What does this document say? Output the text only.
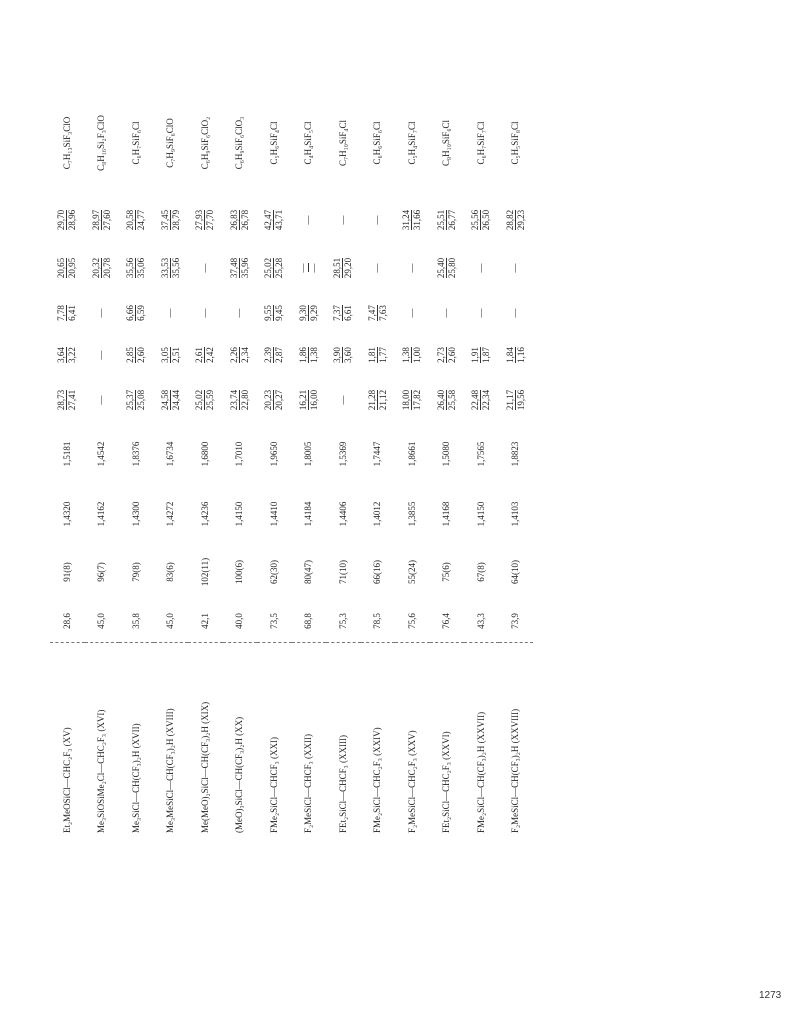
Et₂MeOSiCl—CHC₂F₃ (XV)	28,6	91(8)	1,4320	1,5181	28,73 27,41	3,64 3,22	7,78 6,41	20,65 20,95	29,70 28,96	C₇H₁₃SiF₃ClO
Me₃SiOSiMe₂Cl—CHC₂F₃ (XVI)	45,0	96(7)	1,4162	1,4542	—	—	—	20,32 20,78	28,97 27,60	C₈H₁₆Si₂F₃ClO
Me₃SiCl—CH(CF₃)₂H (XVII)	35,8	79(8)	1,4300	1,8376	25,37 25,08	2,85 2,60	6,66 6,59	35,56 35,06	20,58 24,77	C₆H₇SiF₆Cl
Me₃MeSiCl—CH(CF₃)₂H (XVIII)	45,0	83(6)	1,4272	1,6734	24,58 24,44	3,05 2,51	—	33,53 35,56	37,45 28,79	C₇H₉SiF₆ClO
Me(MeO)₂SiCl—CH(CF₃)₂H (XIX)	42,1	102(11)	1,4236	1,6800	25,02 25,59	2,61 2,42	—	—	27,93 27,70	C₆H₉SiF₆ClO₂
(MeO)₃SiCl—CH(CF₃)₂H (XX)	40,0	100(6)	1,4150	1,7010	23,74 22,80	2,26 2,34	—	37,48 35,96	26,83 26,78	C₆H₉SiF₆ClO₃
FMe₂SiCl—CHCF₃ (XXI)	73,5	62(30)	1,4410	1,9650	20,23 20,27	2,39 2,87	9,55 9,45	25,02 25,28	42,47 43,71	C₅H₆SiF₄Cl
F₂MeSiCl—CHCF₃ (XXII)	68,8	80(47)	1,4184	1,8005	16,21 16,00	1,86 1,38	9,30 9,29	— —	—	C₄H₄SiF₅Cl
FEt₂SiCl—CHCF₃ (XXIII)	75,3	71(10)	1,4406	1,5369	—	3,90 3,60	7,37 6,61	28,51 29,20	—	C₇H₁₀SiF₄Cl
FMe₂SiCl—CHC₂F₃ (XXIV)	78,5	66(16)	1,4012	1,7447	21,28 21,12	1,81 1,77	7,47 7,63	—	—	C₆H₆SiF₆Cl
F₂MeSiCl—CHC₂F₃ (XXV)	75,6	55(24)	1,3855	1,8661	18,00 17,82	1,38 1,00	—	—	31,24 31,66	C₅H₄SiF₇Cl
FEt₂SiCl—CHC₂F₃ (XXVI)	76,4	75(6)	1,4168	1,5080	26,40 25,58	2,73 2,60	—	25,40 25,80	25,51 26,77	C₈H₁₀SiF₆Cl
FMe₂SiCl—CH(CF₃)₂H (XXVII)	43,3	67(8)	1,4150	1,7565	22,48 22,34	1,91 1,87	—	—	25,56 26,50	C₆H₇SiF₇Cl
F₂MeSiCl—CH(CF₃)₂H (XXVIII)	73,9	64(10)	1,4103	1,8823	21,17 19,56	1,84 1,16	—	—	28,82 29,23	C₅H₅SiF₈Cl
1273
